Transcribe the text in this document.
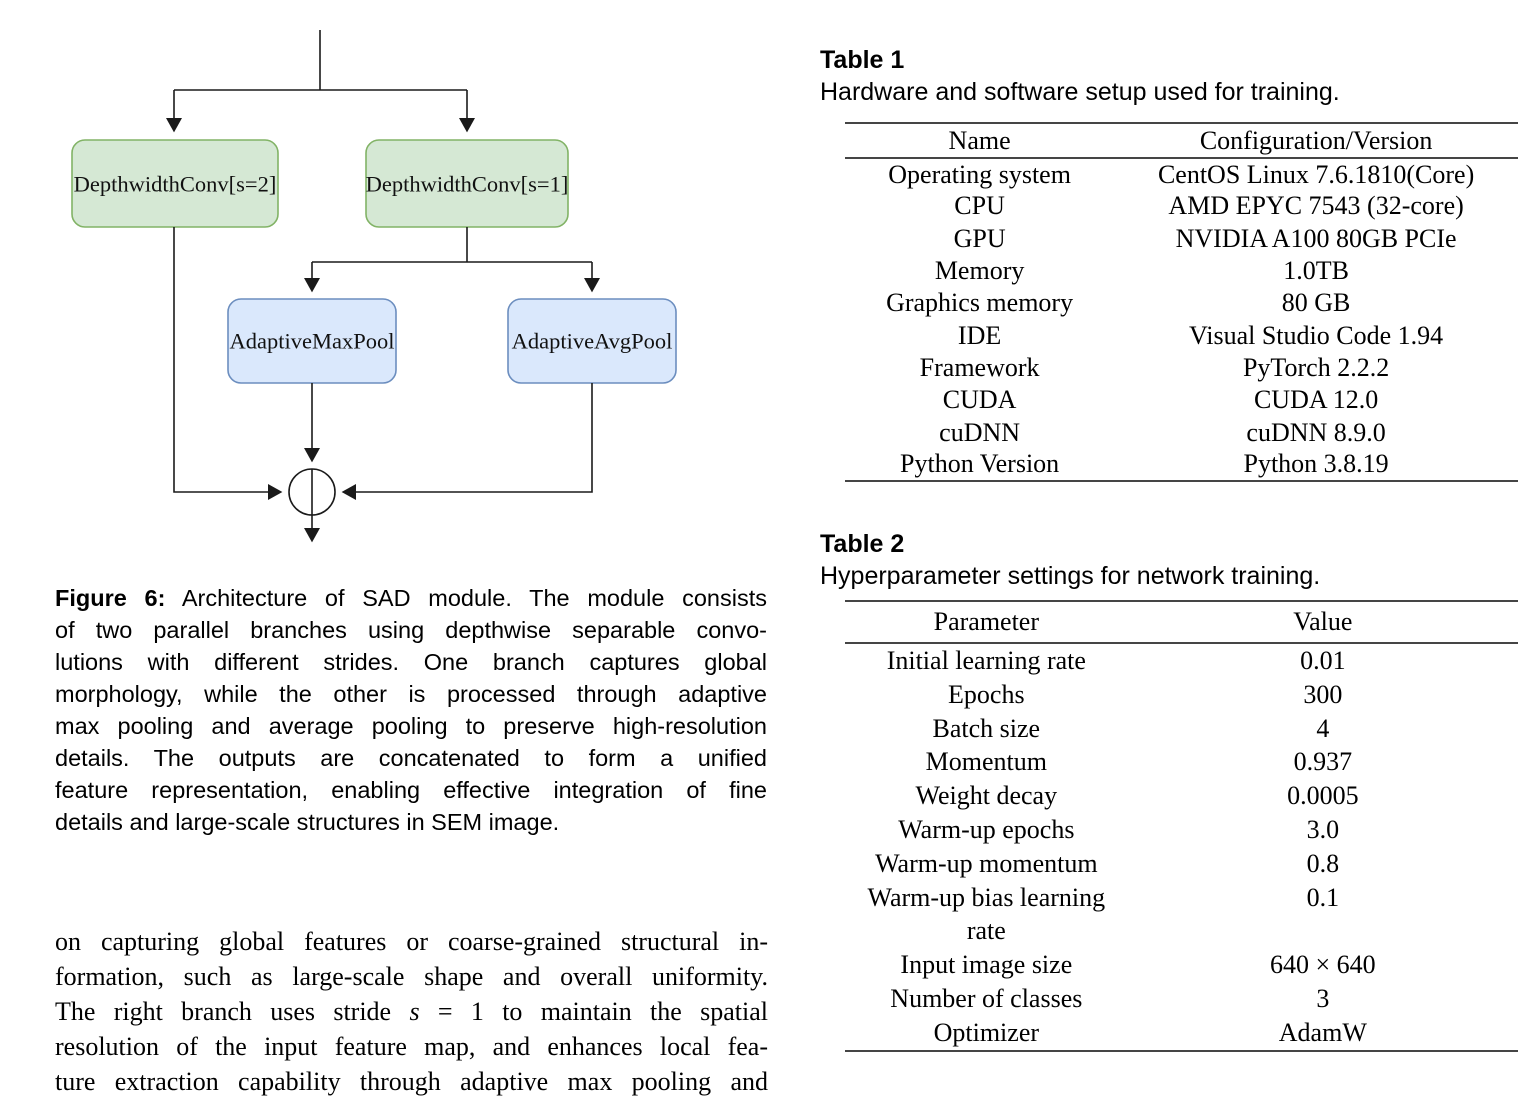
DepthwidthConv[s=2]	DepthwidthConv[s=1]
AdaptiveMaxPool	AdaptiveAvgPool
Figure 6: Architecture of SAD module. The module consists
of two parallel branches using depthwise separable convo-
lutions with different strides. One branch captures global
morphology, while the other is processed through adaptive
max pooling and average pooling to preserve high-resolution
details. The outputs are concatenated to form a unified
feature representation, enabling effective integration of fine
details and large-scale structures in SEM image.
on capturing global features or coarse-grained structural in-
formation, such as large-scale shape and overall uniformity.
The right branch uses stride s = 1 to maintain the spatial
resolution of the input feature map, and enhances local fea-
ture extraction capability through adaptive max pooling and
Table 1
Hardware and software setup used for training.
Name	Configuration/Version
Operating system	CentOS Linux 7.6.1810(Core)
CPU	AMD EPYC 7543 (32-core)
GPU	NVIDIA A100 80GB PCIe
Memory	1.0TB
Graphics memory	80 GB
IDE	Visual Studio Code 1.94
Framework	PyTorch 2.2.2
CUDA	CUDA 12.0
cuDNN	cuDNN 8.9.0
Python Version	Python 3.8.19
Table 2
Hyperparameter settings for network training.
Parameter	Value
Initial learning rate	0.01
Epochs	300
Batch size	4
Momentum	0.937
Weight decay	0.0005
Warm-up epochs	3.0
Warm-up momentum	0.8
Warm-up bias learning rate	0.1
Input image size	640 × 640
Number of classes	3
Optimizer	AdamW
